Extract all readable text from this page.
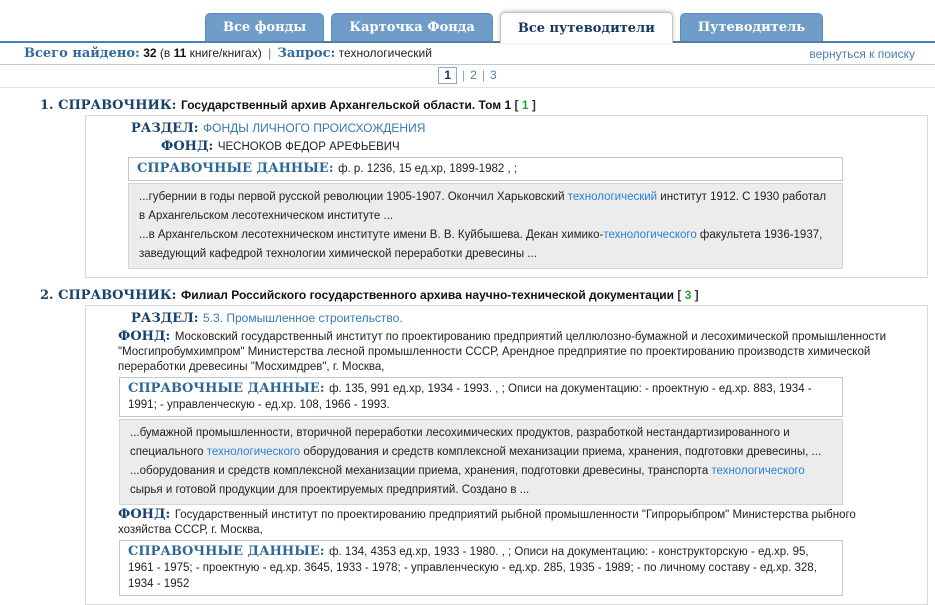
Все фонды	Карточка Фонда	Все путеводители	Путеводитель
Всего найдено: 32 (в 11 книге/книгах) | Запрос: технологический	вернуться к поиску
1 | 2 | 3
1. СПРАВОЧНИК: Государственный архив Архангельской области. Том 1 [ 1 ]
РАЗДЕЛ: ФОНДЫ ЛИЧНОГО ПРОИСХОЖДЕНИЯ
ФОНД: ЧЕСНОКОВ ФЕДОР АРЕФЬЕВИЧ
СПРАВОЧНЫЕ ДАННЫЕ: ф. р. 1236, 15 ед.хр, 1899-1982 , ;
...губернии в годы первой русской революции 1905-1907. Окончил Харьковский технологический институт 1912. С 1930 работал в Архангельском лесотехническом институте ...
...в Архангельском лесотехническом институте имени В. В. Куйбышева. Декан химико-технологического факультета 1936-1937, заведующий кафедрой технологии химической переработки древесины ...
2. СПРАВОЧНИК: Филиал Российского государственного архива научно-технической документации [ 3 ]
РАЗДЕЛ: 5.3. Промышленное строительство.
ФОНД: Московский государственный институт по проектированию предприятий целлюлозно-бумажной и лесохимической промышленности "Мосгипробумхимпром" Министерства лесной промышленности СССР, Арендное предприятие по проектированию производств химической переработки древесины "Мосхимдрев", г. Москва,
СПРАВОЧНЫЕ ДАННЫЕ: ф. 135, 991 ед.хр, 1934 - 1993. , ; Описи на документацию: - проектную - ед.хр. 883, 1934 - 1991; - управленческую - ед.хр. 108, 1966 - 1993.
...бумажной промышленности, вторичной переработки лесохимических продуктов, разработкой нестандартизированного и специального технологического оборудования и средств комплексной механизации приема, хранения, подготовки древесины, ...
...оборудования и средств комплексной механизации приема, хранения, подготовки древесины, транспорта технологического сырья и готовой продукции для проектируемых предприятий. Создано в ...
ФОНД: Государственный институт по проектированию предприятий рыбной промышленности "Гипрорыбпром" Министерства рыбного хозяйства СССР, г. Москва,
СПРАВОЧНЫЕ ДАННЫЕ: ф. 134, 4353 ед.хр, 1933 - 1980. , ; Описи на документацию: - конструкторскую - ед.хр. 95, 1961 - 1975; - проектную - ед.хр. 3645, 1933 - 1978; - управленческую - ед.хр. 285, 1935 - 1989; - по личному составу - ед.хр. 328, 1934 - 1952
